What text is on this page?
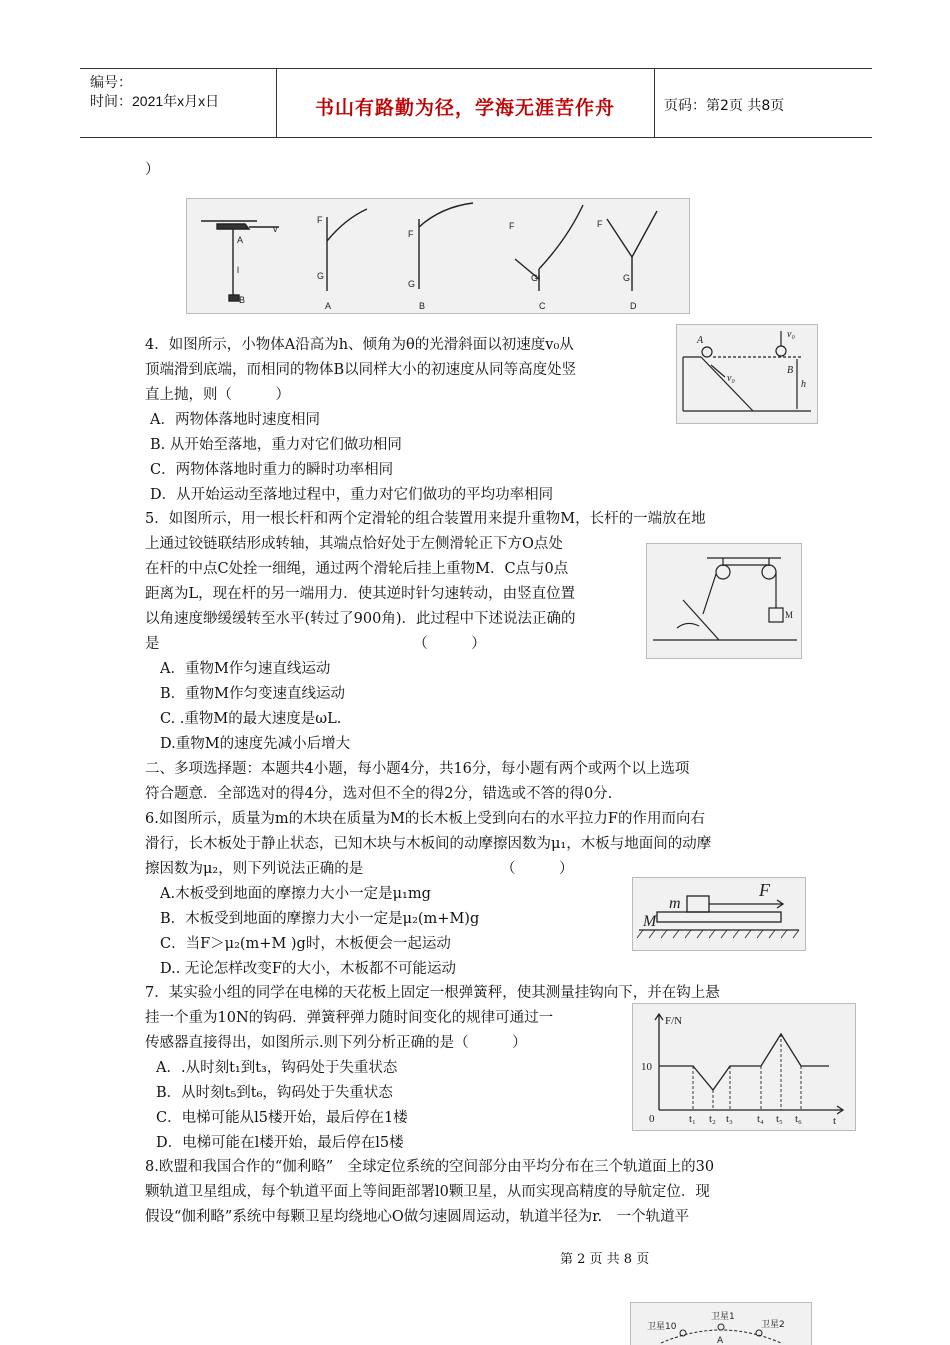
编号：
时间：2021年x月x日	书山有路勤为径，学海无涯苦作舟	页码：第2页 共8页
）
v
A
l
B
F
G
F
G
F
G
F
G
A	B	C	D
4．如图所示，小物体A沿高为h、倾角为θ的光滑斜面以初速度v₀从
顶端滑到底端，而相同的物体B以同样大小的初速度从同等高度处竖
直上抛，则（　　　）
A．两物体落地时速度相同
B. 从开始至落地，重力对它们做功相同
C．两物体落地时重力的瞬时功率相同
D．从开始运动至落地过程中，重力对它们做功的平均功率相同
A
v₀
v₀
B
h
5．如图所示，用一根长杆和两个定滑轮的组合装置用来提升重物M，长杆的一端放在地
上通过铰链联结形成转轴，其端点恰好处于左侧滑轮正下方O点处
在杆的中点C处拴一细绳，通过两个滑轮后挂上重物M．C点与0点
距离为L，现在杆的另一端用力．使其逆时针匀速转动，由竖直位置
以角速度缈缓缓转至水平(转过了900角)．此过程中下述说法正确的
是　　　　　　　　　　　　　　　　　　（　　　）
A．重物M作匀速直线运动
B．重物M作匀变速直线运动
C. .重物M的最大速度是ωL.
D.重物M的速度先减小后增大
M
二、多项选择题：本题共4小题，每小题4分，共16分，每小题有两个或两个以上选项
符合题意．全部选对的得4分，选对但不全的得2分，错选或不答的得0分.
6.如图所示，质量为m的木块在质量为M的长木板上受到向右的水平拉力F的作用而向右
滑行，长木板处于静止状态，已知木块与木板间的动摩擦因数为μ₁，木板与地面间的动摩
擦因数为μ₂，则下列说法正确的是　　　　　　　　　　（　　　）
A.木板受到地面的摩擦力大小一定是μ₁mg
B．木板受到地面的摩擦力大小一定是μ₂(m+M)g
C．当F＞μ₂(m+M )g时，木板便会一起运动
D.. 无论怎样改变F的大小，木板都不可能运动
m
M
F
7．某实验小组的同学在电梯的天花板上固定一根弹簧秤，使其测量挂钩向下，并在钩上悬
挂一个重为10N的钩码．弹簧秤弹力随时间变化的规律可通过一
传感器直接得出，如图所示.则下列分析正确的是（　　　）
A．.从时刻t₁到t₃，钩码处于失重状态
B．从时刻t₅到t₆，钩码处于失重状态
C．电梯可能从l5楼开始，最后停在1楼
D．电梯可能在l楼开始，最后停在l5楼
F/N
10
0	t₁ t₂ t₃ t₄ t₅ t₆	t
8.欧盟和我国合作的“伽利略”　全球定位系统的空间部分由平均分布在三个轨道面上的30
颗轨道卫星组成，每个轨道平面上等间距部署l0颗卫星，从而实现高精度的导航定位．现
假设“伽利略”系统中每颗卫星均绕地心O做匀速圆周运动，轨道半径为r.　一个轨道平
第 2 页 共 8 页
卫星1
卫星2
卫星10
A
